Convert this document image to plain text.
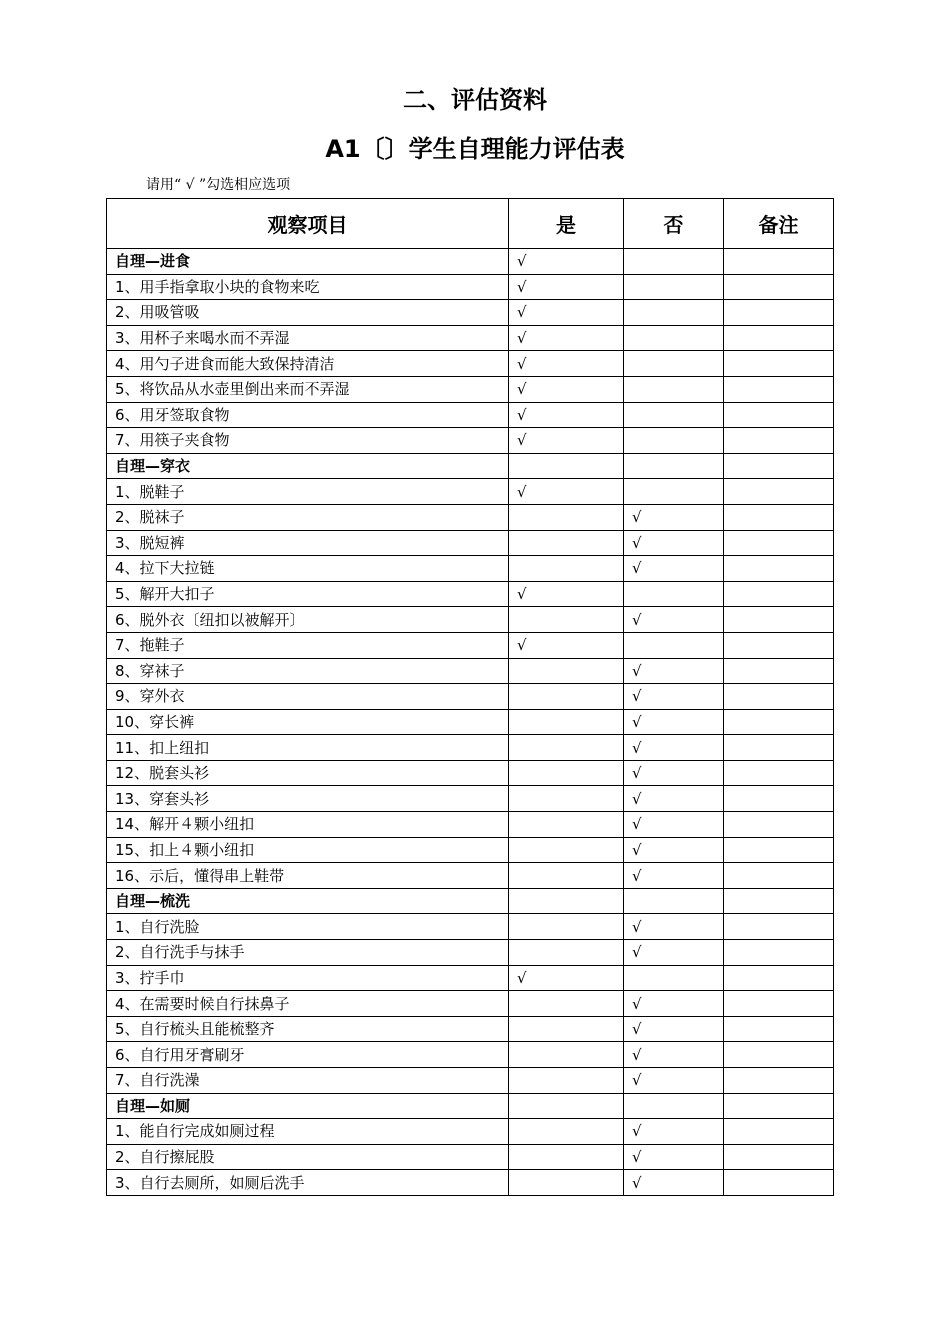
二、评估资料
A1〔〕学生自理能力评估表
请用“ √ ”勾选相应选项
观察项目	是	否	备注
自理—进食	√		
1、用手指拿取小块的食物来吃	√		
2、用吸管吸	√		
3、用杯子来喝水而不弄湿	√		
4、用勺子进食而能大致保持清洁	√		
5、将饮品从水壶里倒出来而不弄湿	√		
6、用牙签取食物	√		
7、用筷子夹食物	√		
自理—穿衣			
1、脱鞋子	√		
2、脱袜子		√	
3、脱短裤		√	
4、拉下大拉链		√	
5、解开大扣子	√		
6、脱外衣〔纽扣以被解开〕		√	
7、拖鞋子	√		
8、穿袜子		√	
9、穿外衣		√	
10、穿长裤		√	
11、扣上纽扣		√	
12、脱套头衫		√	
13、穿套头衫		√	
14、解开４颗小纽扣		√	
15、扣上４颗小纽扣		√	
16、示后，懂得串上鞋带		√	
自理—梳洗			
1、自行洗脸		√	
2、自行洗手与抹手		√	
3、拧手巾	√		
4、在需要时候自行抹鼻子		√	
5、自行梳头且能梳整齐		√	
6、自行用牙膏刷牙		√	
7、自行洗澡		√	
自理—如厕			
1、能自行完成如厕过程		√	
2、自行擦屁股		√	
3、自行去厕所，如厕后洗手		√	
